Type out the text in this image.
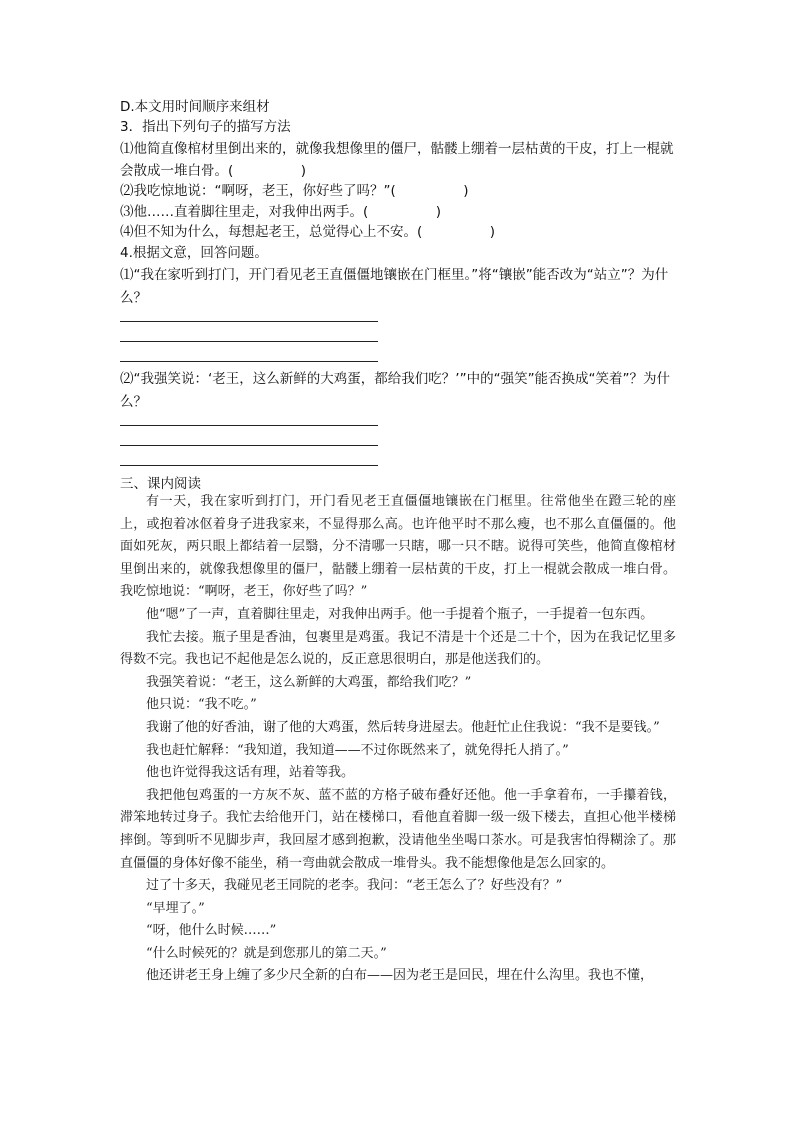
D.本文用时间顺序来组材

3．指出下列句子的描写方法

⑴他简直像棺材里倒出来的，就像我想像里的僵尸，骷髅上绷着一层枯黄的干皮，打上一棍就会散成一堆白骨。(　　　　　)

⑵我吃惊地说：“啊呀，老王，你好些了吗？”(　　　　　)

⑶他……直着脚往里走，对我伸出两手。(　　　　　)

⑷但不知为什么，每想起老王，总觉得心上不安。(　　　　　)

4.根据文意，回答问题。

⑴“我在家听到打门，开门看见老王直僵僵地镶嵌在门框里。”将“镶嵌”能否改为“站立”？为什么？

⑵“我强笑说：‘老王，这么新鲜的大鸡蛋，都给我们吃？’”中的“强笑”能否换成“笑着”？为什么？

三、课内阅读

有一天，我在家听到打门，开门看见老王直僵僵地镶嵌在门框里。往常他坐在蹬三轮的座上，或抱着冰伛着身子进我家来，不显得那么高。也许他平时不那么瘦，也不那么直僵僵的。他面如死灰，两只眼上都结着一层翳，分不清哪一只瞎，哪一只不瞎。说得可笑些，他简直像棺材里倒出来的，就像我想像里的僵尸，骷髅上绷着一层枯黄的干皮，打上一棍就会散成一堆白骨。我吃惊地说：“啊呀，老王，你好些了吗？”

他“嗯”了一声，直着脚往里走，对我伸出两手。他一手提着个瓶子，一手提着一包东西。

我忙去接。瓶子里是香油，包裹里是鸡蛋。我记不清是十个还是二十个，因为在我记忆里多得数不完。我也记不起他是怎么说的，反正意思很明白，那是他送我们的。

我强笑着说：“老王，这么新鲜的大鸡蛋，都给我们吃？”

他只说：“我不吃。”

我谢了他的好香油，谢了他的大鸡蛋，然后转身进屋去。他赶忙止住我说：“我不是要钱。”

我也赶忙解释：“我知道，我知道——不过你既然来了，就免得托人捎了。”

他也许觉得我这话有理，站着等我。

我把他包鸡蛋的一方灰不灰、蓝不蓝的方格子破布叠好还他。他一手拿着布，一手攥着钱，滞笨地转过身子。我忙去给他开门，站在楼梯口，看他直着脚一级一级下楼去，直担心他半楼梯摔倒。等到听不见脚步声，我回屋才感到抱歉，没请他坐坐喝口茶水。可是我害怕得糊涂了。那直僵僵的身体好像不能坐，稍一弯曲就会散成一堆骨头。我不能想像他是怎么回家的。

过了十多天，我碰见老王同院的老李。我问：“老王怎么了？好些没有？”

“早埋了。”

“呀，他什么时候……”

“什么时候死的？就是到您那儿的第二天。”

他还讲老王身上缠了多少尺全新的白布——因为老王是回民，埋在什么沟里。我也不懂，
